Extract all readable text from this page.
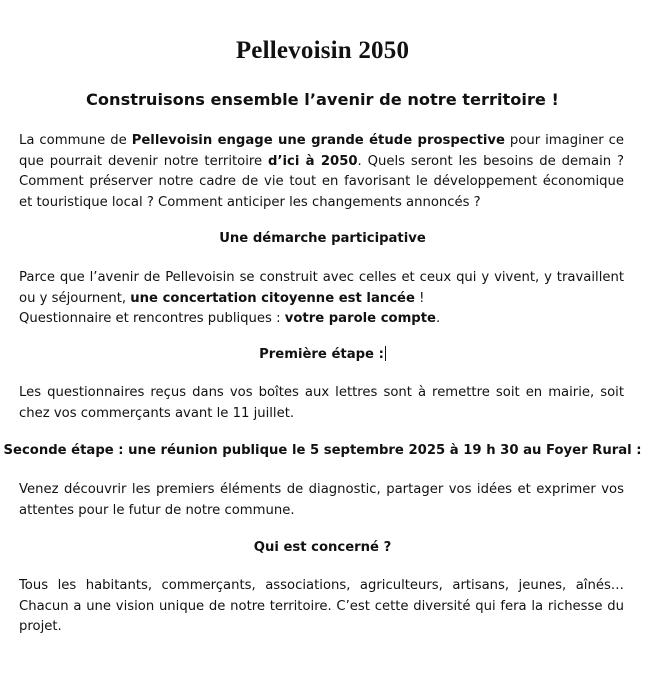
Pellevoisin 2050
Construisons ensemble l’avenir de notre territoire !

La commune de Pellevoisin engage une grande étude prospective pour imaginer ce que pourrait devenir notre territoire d’ici à 2050. Quels seront les besoins de demain ? Comment préserver notre cadre de vie tout en favorisant le développement économique et touristique local ? Comment anticiper les changements annoncés ?

Une démarche participative

Parce que l’avenir de Pellevoisin se construit avec celles et ceux qui y vivent, y travaillent ou y séjournent, une concertation citoyenne est lancée !
Questionnaire et rencontres publiques : votre parole compte.

Première étape :

Les questionnaires reçus dans vos boîtes aux lettres sont à remettre soit en mairie, soit chez vos commerçants avant le 11 juillet.

Seconde étape : une réunion publique le 5 septembre 2025 à 19 h 30 au Foyer Rural :

Venez découvrir les premiers éléments de diagnostic, partager vos idées et exprimer vos attentes pour le futur de notre commune.

Qui est concerné ?

Tous les habitants, commerçants, associations, agriculteurs, artisans, jeunes, aînés… Chacun a une vision unique de notre territoire. C’est cette diversité qui fera la richesse du projet.
